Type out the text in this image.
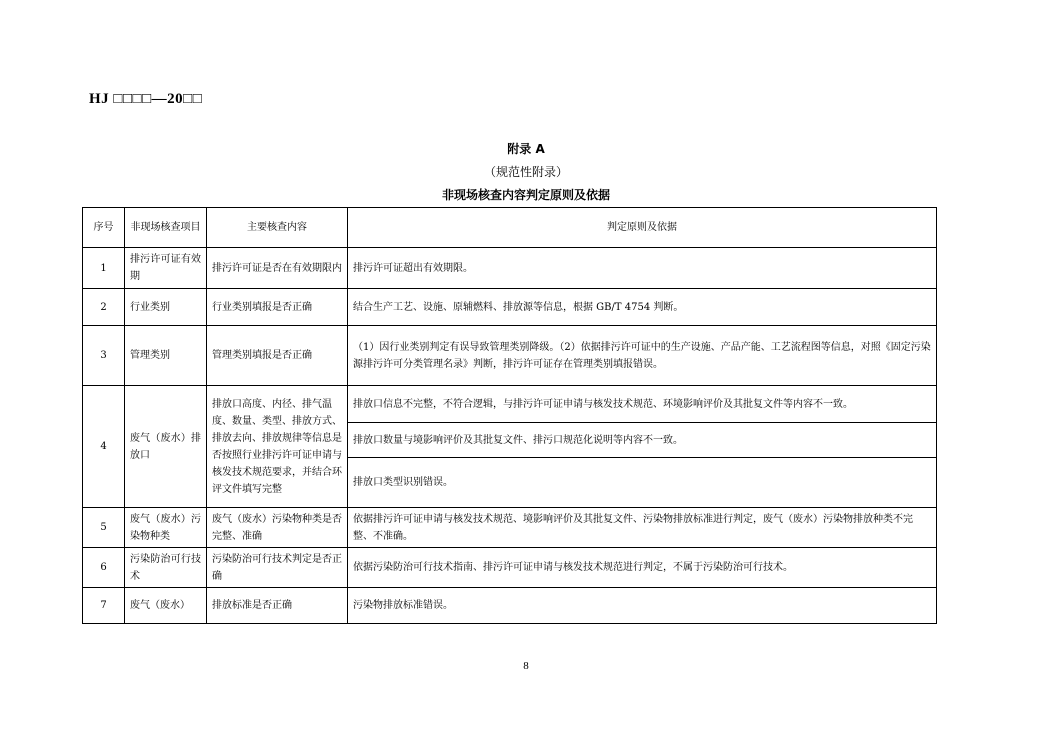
HJ □□□□—20□□
附录 A
（规范性附录）
非现场核查内容判定原则及依据
序号	非现场核查项目	主要核查内容	判定原则及依据
1	排污许可证有效期	排污许可证是否在有效期限内	排污许可证超出有效期限。
2	行业类别	行业类别填报是否正确	结合生产工艺、设施、原辅燃料、排放源等信息，根据 GB/T 4754 判断。
3	管理类别	管理类别填报是否正确	（1）因行业类别判定有误导致管理类别降级。（2）依据排污许可证中的生产设施、产品产能、工艺流程图等信息，对照《固定污染源排污许可分类管理名录》判断，排污许可证存在管理类别填报错误。
4	废气（废水）排放口	排放口高度、内径、排气温度、数量、类型、排放方式、排放去向、排放规律等信息是否按照行业排污许可证申请与核发技术规范要求，并结合环评文件填写完整	排放口信息不完整，不符合逻辑，与排污许可证申请与核发技术规范、环境影响评价及其批复文件等内容不一致。
			排放口数量与境影响评价及其批复文件、排污口规范化说明等内容不一致。
			排放口类型识别错误。
5	废气（废水）污染物种类	废气（废水）污染物种类是否完整、准确	依据排污许可证申请与核发技术规范、境影响评价及其批复文件、污染物排放标准进行判定，废气（废水）污染物排放种类不完整、不准确。
6	污染防治可行技术	污染防治可行技术判定是否正确	依据污染防治可行技术指南、排污许可证申请与核发技术规范进行判定，不属于污染防治可行技术。
7	废气（废水）	排放标准是否正确	污染物排放标准错误。
8
